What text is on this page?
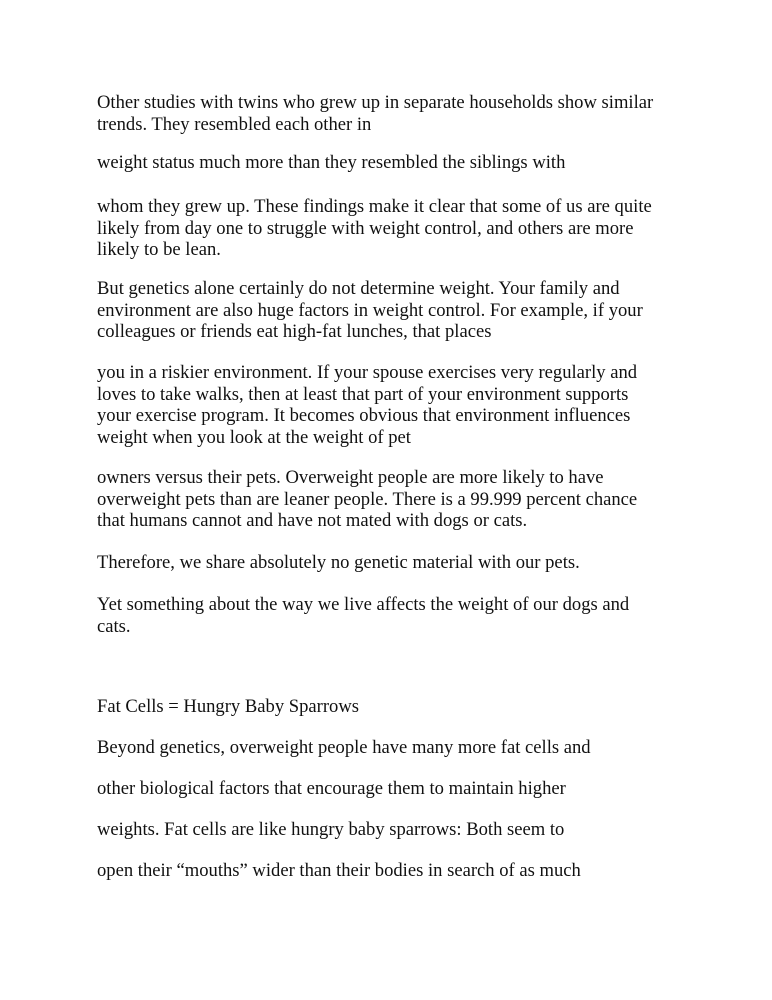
Other studies with twins who grew up in separate households show similar
trends. They resembled each other in

weight status much more than they resembled the siblings with

whom they grew up. These findings make it clear that some of us are quite
likely from day one to struggle with weight control, and others are more
likely to be lean.

But genetics alone certainly do not determine weight. Your family and
environment are also huge factors in weight control. For example, if your
colleagues or friends eat high-fat lunches, that places

you in a riskier environment. If your spouse exercises very regularly and
loves to take walks, then at least that part of your environment supports
your exercise program. It becomes obvious that environment influences
weight when you look at the weight of pet

owners versus their pets. Overweight people are more likely to have
overweight pets than are leaner people. There is a 99.999 percent chance
that humans cannot and have not mated with dogs or cats.

Therefore, we share absolutely no genetic material with our pets.

Yet something about the way we live affects the weight of our dogs and
cats.

Fat Cells = Hungry Baby Sparrows

Beyond genetics, overweight people have many more fat cells and

other biological factors that encourage them to maintain higher

weights. Fat cells are like hungry baby sparrows: Both seem to

open their “mouths” wider than their bodies in search of as much
